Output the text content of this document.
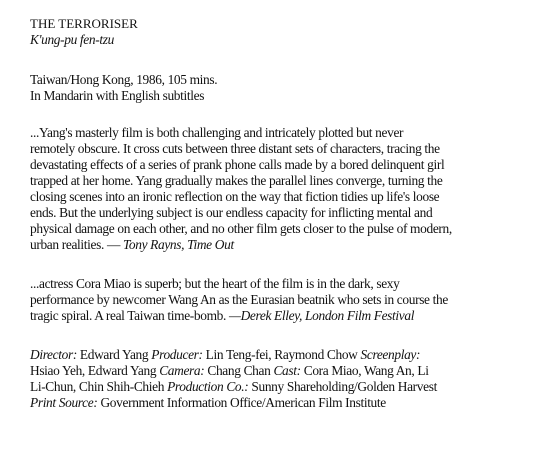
THE TERRORISER
K'ung-pu fen-tzu
Taiwan/Hong Kong, 1986, 105 mins.
In Mandarin with English subtitles
...Yang's masterly film is both challenging and intricately plotted but never
remotely obscure. It cross cuts between three distant sets of characters, tracing the
devastating effects of a series of prank phone calls made by a bored delinquent girl
trapped at her home. Yang gradually makes the parallel lines converge, turning the
closing scenes into an ironic reflection on the way that fiction tidies up life's loose
ends. But the underlying subject is our endless capacity for inflicting mental and
physical damage on each other, and no other film gets closer to the pulse of modern,
urban realities. — Tony Rayns, Time Out
...actress Cora Miao is superb; but the heart of the film is in the dark, sexy
performance by newcomer Wang An as the Eurasian beatnik who sets in course the
tragic spiral. A real Taiwan time-bomb. —Derek Elley, London Film Festival
Director: Edward Yang Producer: Lin Teng-fei, Raymond Chow Screenplay:
Hsiao Yeh, Edward Yang Camera: Chang Chan Cast: Cora Miao, Wang An, Li
Li-Chun, Chin Shih-Chieh Production Co.: Sunny Shareholding/Golden Harvest
Print Source: Government Information Office/American Film Institute
